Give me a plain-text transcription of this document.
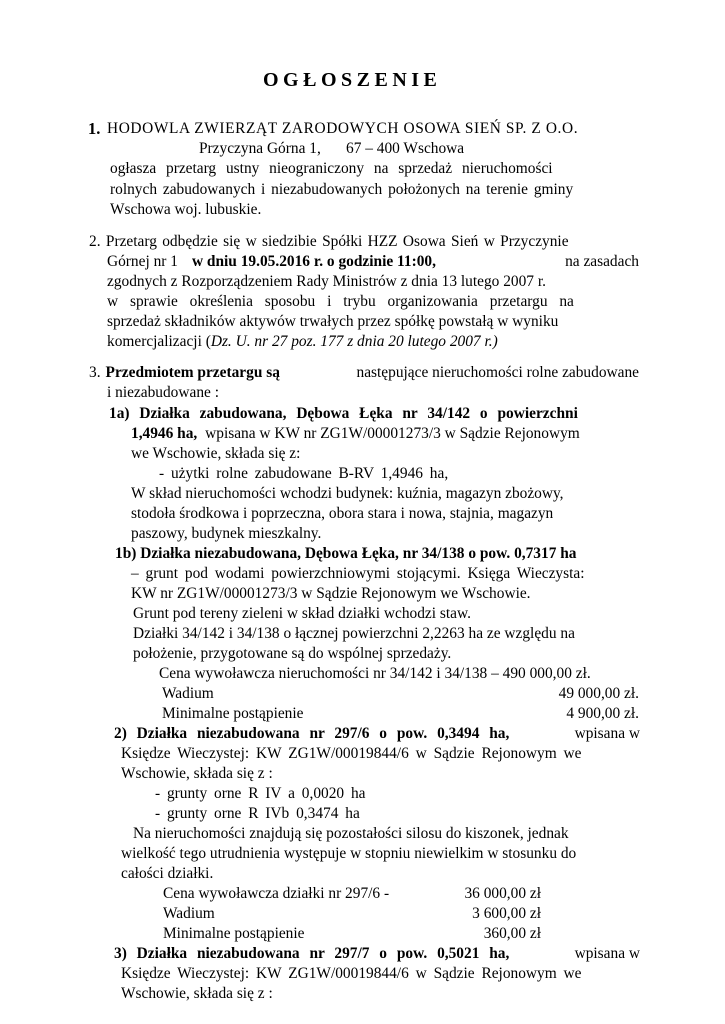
OGŁOSZENIE
1. HODOWLA ZWIERZĄT ZARODOWYCH OSOWA SIEŃ SP. Z O.O.
Przyczyna Górna 1, 67 – 400 Wschowa
ogłasza przetarg ustny nieograniczony na sprzedaż nieruchomości
rolnych zabudowanych i niezabudowanych położonych na terenie gminy
Wschowa woj. lubuskie.
2. Przetarg odbędzie się w siedzibie Spółki HZZ Osowa Sień w Przyczynie
Górnej nr 1 w dniu 19.05.2016 r. o godzinie 11:00,	na zasadach
zgodnych z Rozporządzeniem Rady Ministrów z dnia 13 lutego 2007 r.
w sprawie określenia sposobu i trybu organizowania przetargu na
sprzedaż składników aktywów trwałych przez spółkę powstałą w wyniku
komercjalizacji (Dz. U. nr 27 poz. 177 z dnia 20 lutego 2007 r.)
3. Przedmiotem przetargu są	następujące nieruchomości rolne zabudowane
i niezabudowane :
1a) Działka zabudowana, Dębowa Łęka nr 34/142 o powierzchni
1,4946 ha, wpisana w KW nr ZG1W/00001273/3 w Sądzie Rejonowym
we Wschowie, składa się z:
- użytki rolne zabudowane B-RV 1,4946 ha,
W skład nieruchomości wchodzi budynek: kuźnia, magazyn zbożowy,
stodoła środkowa i poprzeczna, obora stara i nowa, stajnia, magazyn
paszowy, budynek mieszkalny.
1b) Działka niezabudowana, Dębowa Łęka, nr 34/138 o pow. 0,7317 ha
– grunt pod wodami powierzchniowymi stojącymi. Księga Wieczysta:
KW nr ZG1W/00001273/3 w Sądzie Rejonowym we Wschowie.
Grunt pod tereny zieleni w skład działki wchodzi staw.
Działki 34/142 i 34/138 o łącznej powierzchni 2,2263 ha ze względu na
położenie, przygotowane są do wspólnej sprzedaży.
Cena wywoławcza nieruchomości nr 34/142 i 34/138 – 490 000,00 zł.
Wadium	49 000,00 zł.
Minimalne postąpienie	4 900,00 zł.
2) Działka niezabudowana nr 297/6 o pow. 0,3494 ha,	wpisana w
Księdze Wieczystej: KW ZG1W/00019844/6 w Sądzie Rejonowym we
Wschowie, składa się z :
- grunty orne R IV a 0,0020 ha
- grunty orne R IVb 0,3474 ha
Na nieruchomości znajdują się pozostałości silosu do kiszonek, jednak
wielkość tego utrudnienia występuje w stopniu niewielkim w stosunku do
całości działki.
Cena wywoławcza działki nr 297/6 -	36 000,00 zł
Wadium	3 600,00 zł
Minimalne postąpienie	360,00 zł
3) Działka niezabudowana nr 297/7 o pow. 0,5021 ha,	wpisana w
Księdze Wieczystej: KW ZG1W/00019844/6 w Sądzie Rejonowym we
Wschowie, składa się z :
